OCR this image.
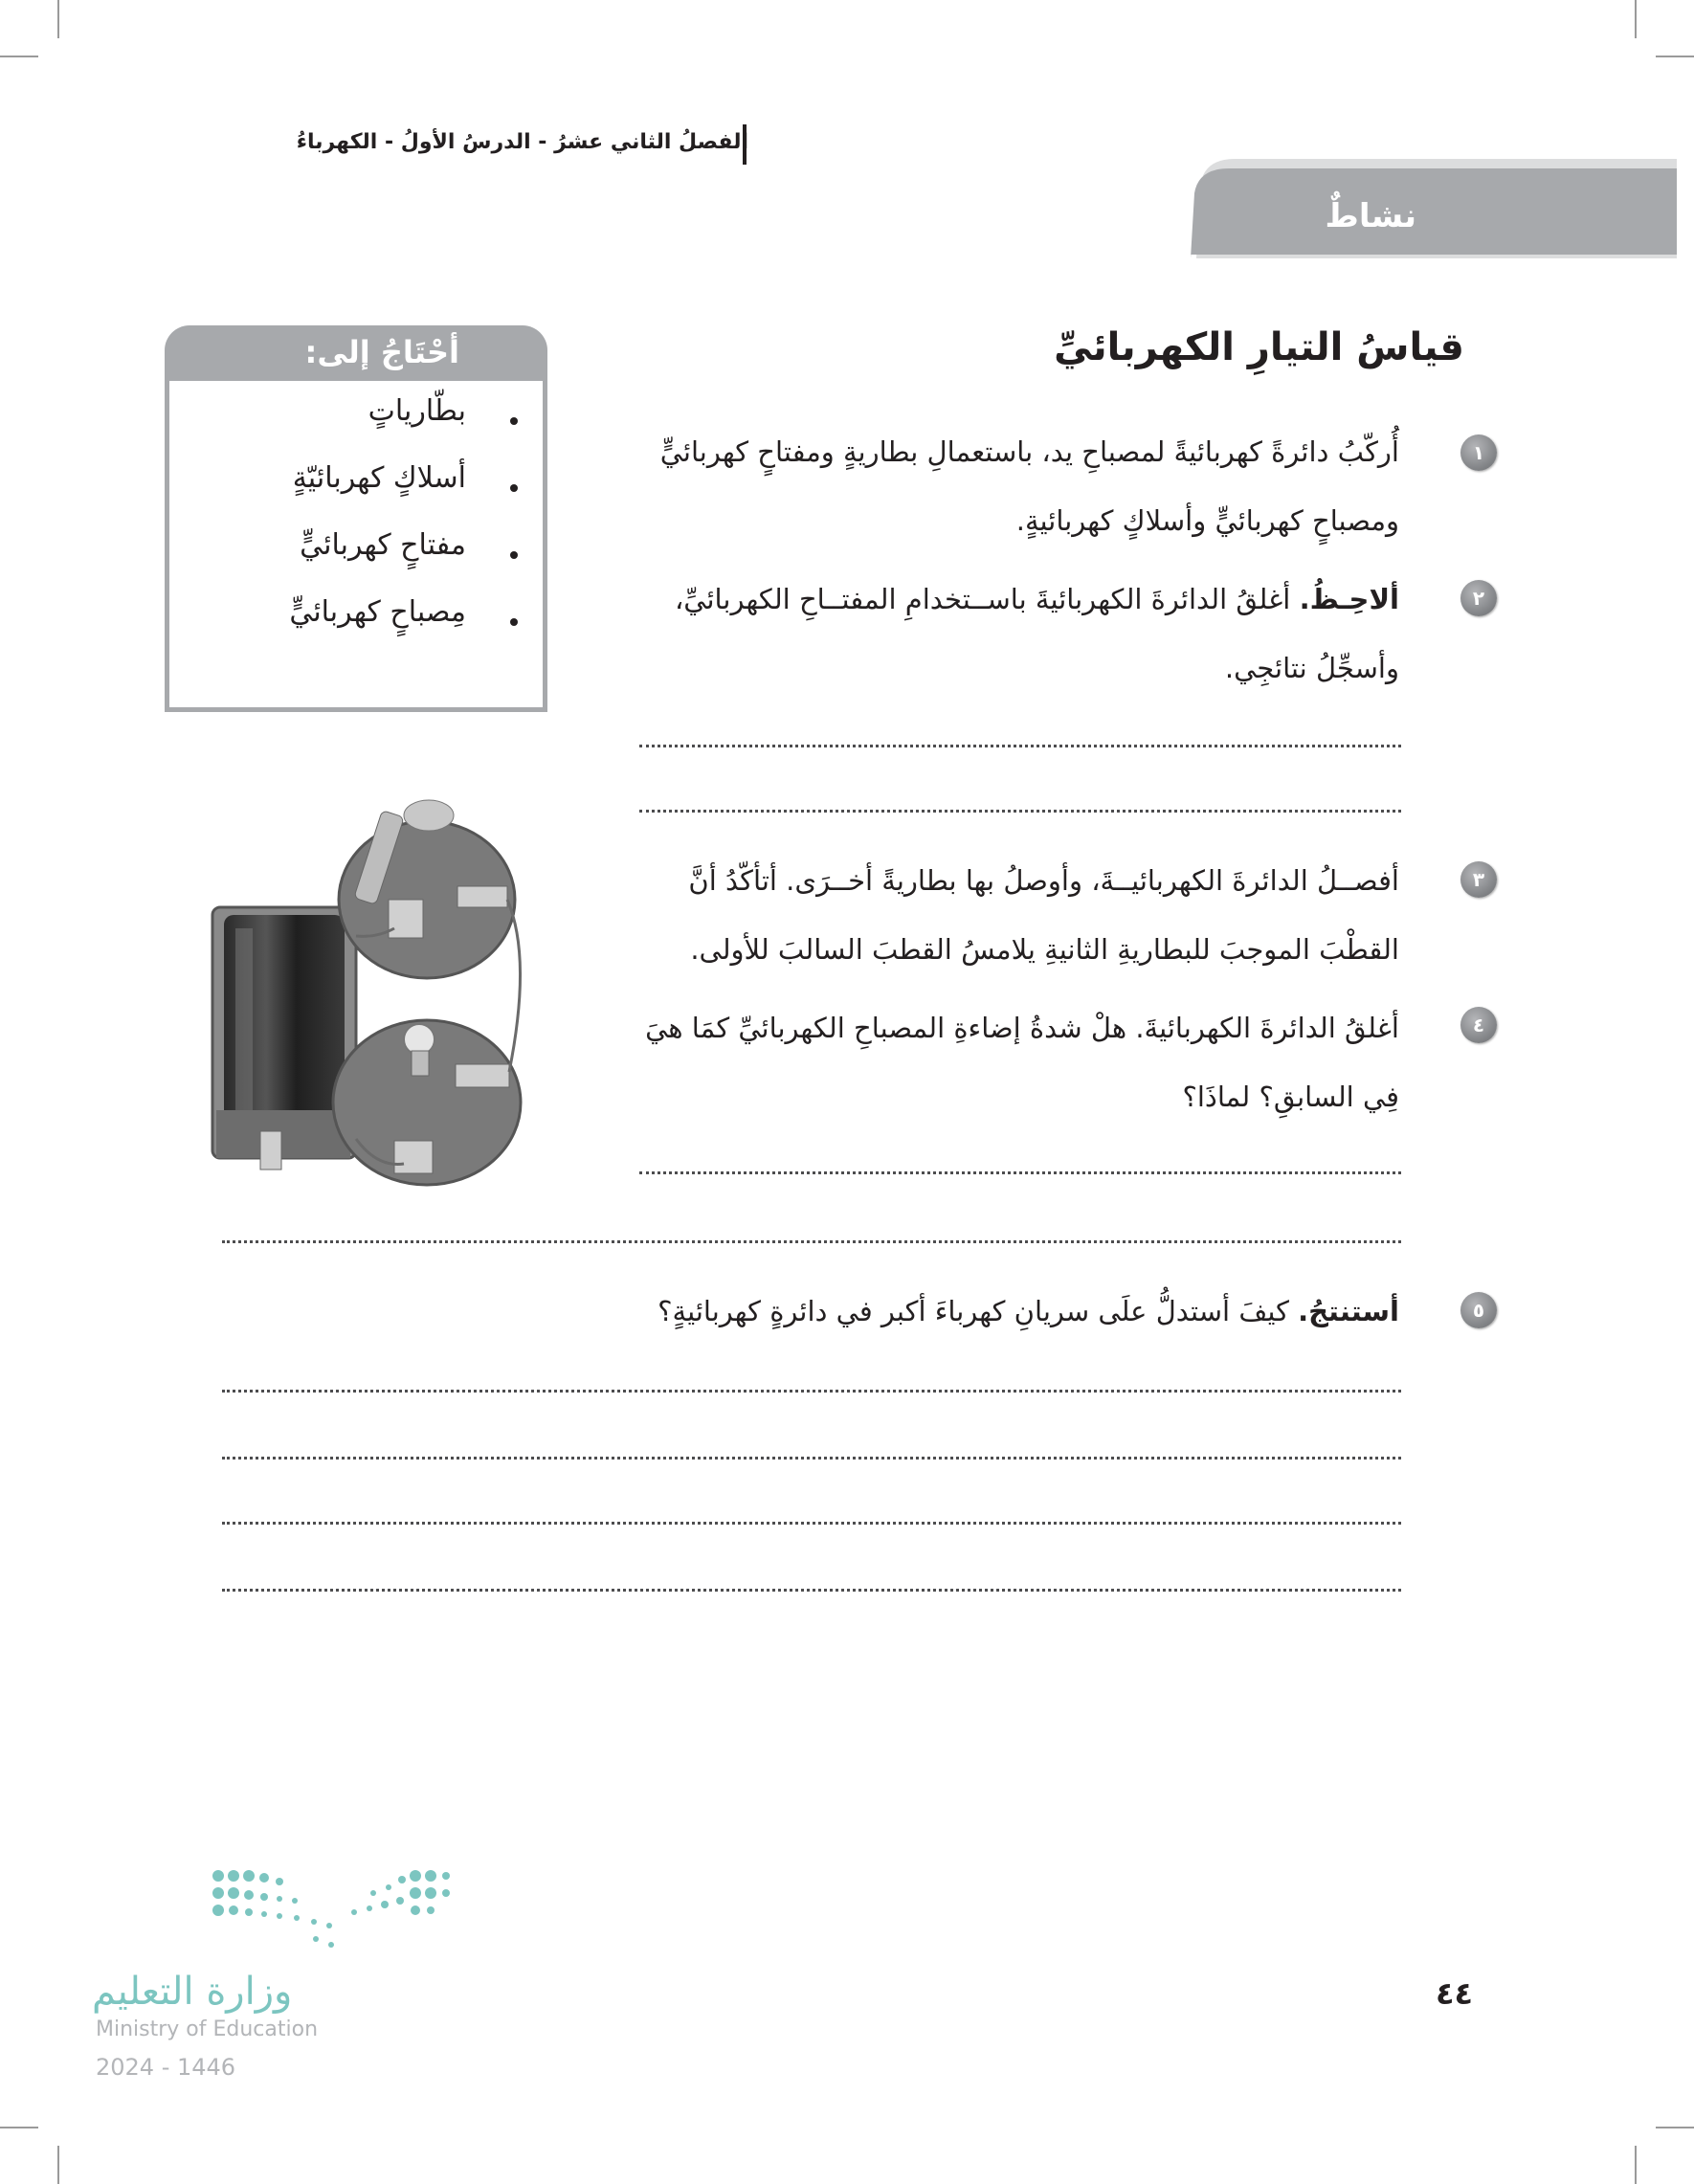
الفصلُ الثاني عشرُ - الدرسُ الأولُ - الكهرباءُ
نشاطٌ
قياسُ التيارِ الكهربائيِّ
أحْتَاجُ إلى:
بطّارياتٍ
أسلاكٍ كهربائيّةٍ
مفتاحٍ كهربائيٍّ
مِصباحٍ كهربائيٍّ
١
أُركّبُ دائرةً كهربائيةً لمصباحِ يد، باستعمالِ بطاريةٍ ومفتاحٍ كهربائيٍّ
ومصباحٍ كهربائيٍّ وأسلاكٍ كهربائيةٍ.
٢
ألاحِـظُ. أغلقُ الدائرةَ الكهربائيةَ باســتخدامِ المفتــاحِ الكهربائيِّ،
وأسجِّلُ نتائجِي.
٣
أفصــلُ الدائرةَ الكهربائيــةَ، وأوصلُ بها بطاريةً أخــرَى. أتأكّدُ أنَّ
القطْبَ الموجبَ للبطاريةِ الثانيةِ يلامسُ القطبَ السالبَ للأولى.
٤
أغلقُ الدائرةَ الكهربائيةَ. هلْ شدةُ إضاءةِ المصباحِ الكهربائيِّ كمَا هيَ
فِي السابقِ؟ لماذَا؟
٥
أستنتجُ. كيفَ أستدلُّ علَى سريانِ كهرباءَ أكبر في دائرةٍ كهربائيةٍ؟
٤٤
وزارة التعليم
Ministry of Education
2024 - 1446
